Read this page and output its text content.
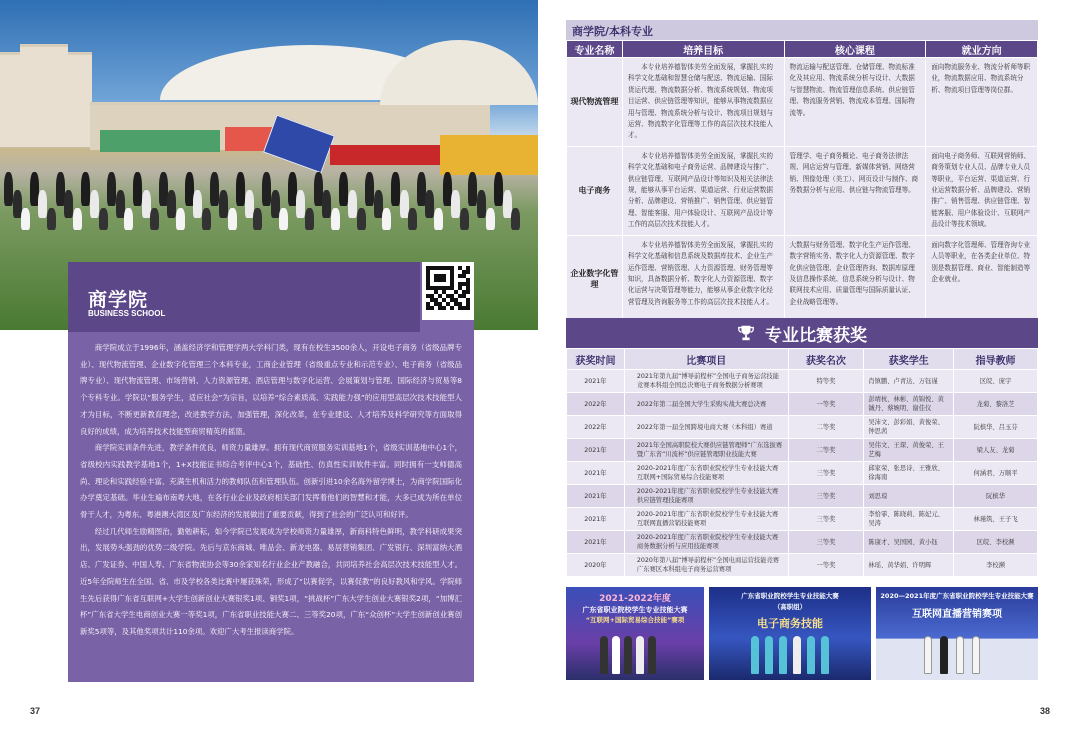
商学院
BUSINESS SCHOOL

商学院成立于1996年，涵盖经济学和管理学两大学科门类，现有在校生3500余人，开设电子商务（省级品牌专业）、现代物流管理、企业数字化管理三个本科专业，工商企业管理（省级重点专业和示范专业）、电子商务（省级品牌专业）、现代物流管理、市场营销、人力资源管理、酒店管理与数字化运营、会展策划与管理、国际经济与贸易等8个专科专业。学院以“服务学生，适应社会”为宗旨，以培养“综合素质高、实践能力强”的应用型高层次技术技能型人才为目标，不断更新教育理念，改进教学方法，加强管理，深化改革，在专业建设、人才培养及科学研究等方面取得良好的成绩，成为培养技术技能型商贸精英的摇篮。

商学院实训条件先进，教学条件优良，师资力量雄厚。拥有现代商贸服务实训基地1个，省级实训基地中心1个，省级校内实践教学基地1个，1+X技能证书综合考评中心1个，基础性、仿真性实训软件丰富。同时拥有一支师德高尚、理论和实践经验丰富、充满生机和活力的教师队伍和管理队伍。创新引进10余名海外留学博士，为商学院国际化办学奠定基础。毕业生遍布南粤大地，在各行业企业及政府相关部门发挥着他们的智慧和才能，大多已成为所在单位骨干人才，为粤东、粤港澳大湾区及广东经济的发展做出了重要贡献，得到了社会的广泛认可和好评。

经过几代师生励精图治，勤勉耕耘，如今学院已发展成为学校师资力量雄厚，新商科特色鲜明，教学科研成果突出，发展势头强劲的优势二级学院。先后与京东商城、唯品会、新龙电器、易居营销集团、广发银行、深圳富纳大酒店、广发证券、中国人寿、广东省物流协会等30余家知名行业企业产教融合，共同培养社会高层次技术技能型人才。近5年全院师生在全国、省、市及学校各类比赛中屡获殊荣，形成了“以赛促学，以赛促教”的良好教风和学风。学院师生先后获得广东省互联网+大学生创新创业大赛银奖1项、铜奖1项，“挑战杯”广东大学生创业大赛银奖2项，“加博汇杯”广东省大学生电商创业大赛一等奖1项，广东省职业技能大赛二、三等奖20项，广东“众创杯”大学生创新创业赛创新奖5项等，及其他奖项共计110余项。欢迎广大考生报读商学院。

37
商学院/本科专业
专业名称	培养目标	核心课程	就业方向
现代物流管理	本专业培养德智体美劳全面发展，掌握扎实的科学文化基础和智慧仓储与配送、物流运输、国际货运代理、物流数据分析、物流系统规划、物流项目运营、供应链管理等知识，能够从事物流数据应用与管理、物流系统分析与设计、物流项目规划与运营、物流数字化管理等工作的高层次技术技能人才。	物流运输与配送管理、仓储管理、物流标准化及其应用、物流系统分析与设计、大数据与智慧物流、物流管理信息系统、供应链管理、物流服务营销、物流成本管理、国际物流等。	面向物流服务业、物流分析师等职业，物流数据应用、物流系统分析、物流项目管理等岗位群。
电子商务	本专业培养德智体美劳全面发展，掌握扎实的科学文化基础和电子商务运营、品牌建设与推广、供应链管理、互联网产品设计等知识及相关法律法规，能够从事平台运营、渠道运营、行业运营数据分析、品牌建设、营销推广、销售管理、供应链管理、智能客服、用户体验设计、互联网产品设计等工作的高层次技术技能人才。	管理学、电子商务概论、电子商务法律法规、网店运营与管理、新媒体营销、网络营销、图像处理（美工）、网页设计与制作、商务数据分析与应用、供应链与物流管理等。	面向电子商务师、互联网营销师、商务策划专业人员、品牌专业人员等职业，平台运营、渠道运营、行业运营数据分析、品牌建设、营销推广、销售管理、供应链管理、智能客服、用户体验设计、互联网产品设计等技术领域。
企业数字化管理	本专业培养德智体美劳全面发展，掌握扎实的科学文化基础和信息系统及数据库技术、企业生产运作管理、营销管理、人力资源管理、财务管理等知识，具备数据分析、数字化人力资源管理、数字化运营与决策管理等能力，能够从事企业数字化经营管理及咨询服务等工作的高层次技术技能人才。	大数据与财务管理、数字化生产运作管理、数字营销实务、数字化人力资源管理、数字化供应链管理、企业管理咨询、数据库原理及信息操作系统、信息系统分析与设计、物联网技术应用、质量管理与国际质量认证、企业战略管理等。	面向数字化管理师、管理咨询专业人员等职业，在各类企业单位、特别是数据管理、商业、智能制造等企业就业。
专业比赛获奖
获奖时间	比赛项目	获奖名次	获奖学生	指导教师
2021年	2021年第九届“博导前程杯”全国电子商务运营技能竞赛本科组全国总决赛电子商务数据分析赛项	特等奖	肖镇鹏、卢青达、万钰谨	区皖、庞宇
2022年	2022年第二届全国大学生采购实战大赛总决赛	一等奖	彭靖杭、林彬、黄锦悦、黄铖丹、蔡婉明、谢佳仪	龙菊、黎洛芝
2022年	2022年第一届全国跨境电商大赛（本科组）赛道	二等奖	吴沛文、彭彩娟、黄俊荣、钟思茜	阮槟华、吕玉芬
2021年	2021年全国高职院校大赛供应链管理师“广东选拔赛暨广东省“川流杯”供应链管理职业技能大赛	二等奖	吴伟文、王琛、黄俊荣、王艺梅	梁人友、龙菊
2021年	2020-2021年度广东省职业院校学生专业技能大赛互联网+国际贸易综合技能赛项	三等奖	邱家荣、张思诗、王雅欣、徐海南	何涵君、万顺平
2021年	2020-2021年度广东省职业院校学生专业技能大赛供应链管理技能赛项	三等奖	刘思琼	阮槟华
2021年	2020-2021年度广东省职业院校学生专业技能大赛互联网直播营销技能赛项	三等奖	李恰霏、陈晓莉、陈妃元、吴涛	林瑾筑、王子飞
2021年	2020-2021年度广东省职业院校学生专业技能大赛商务数据分析与应用技能赛项	三等奖	陈康才、吴国园、黄小钰	区皖、李校濒
2020年	2020年第八届“博导前程杯”全国电商运营技能竞赛广东赛区本科组电子商务运营赛项	一等奖	林瑶、黄华娟、许明辉	李校濒
2021-2022年度
广东省职业院校学生专业技能大赛
“互联网+国际贸易综合技能”赛项
广东省职业院校学生专业技能大赛
（高职组）
电子商务技能
2020—2021年度广东省职业院校学生专业技能大赛
互联网直播营销赛项
38
